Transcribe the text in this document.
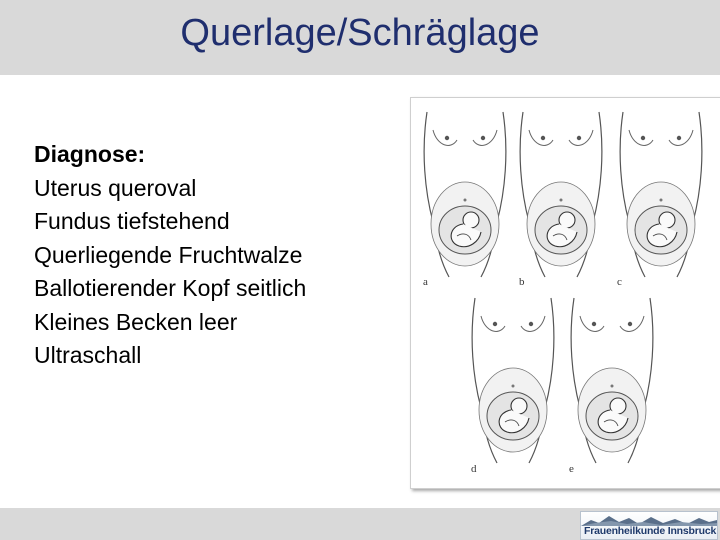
Querlage/Schräglage
Diagnose:
Uterus queroval
Fundus tiefstehend
Querliegende Fruchtwalze
Ballotierender Kopf seitlich
Kleines Becken leer
Ultraschall
a	b	c
d	e
Frauenheilkunde Innsbruck
